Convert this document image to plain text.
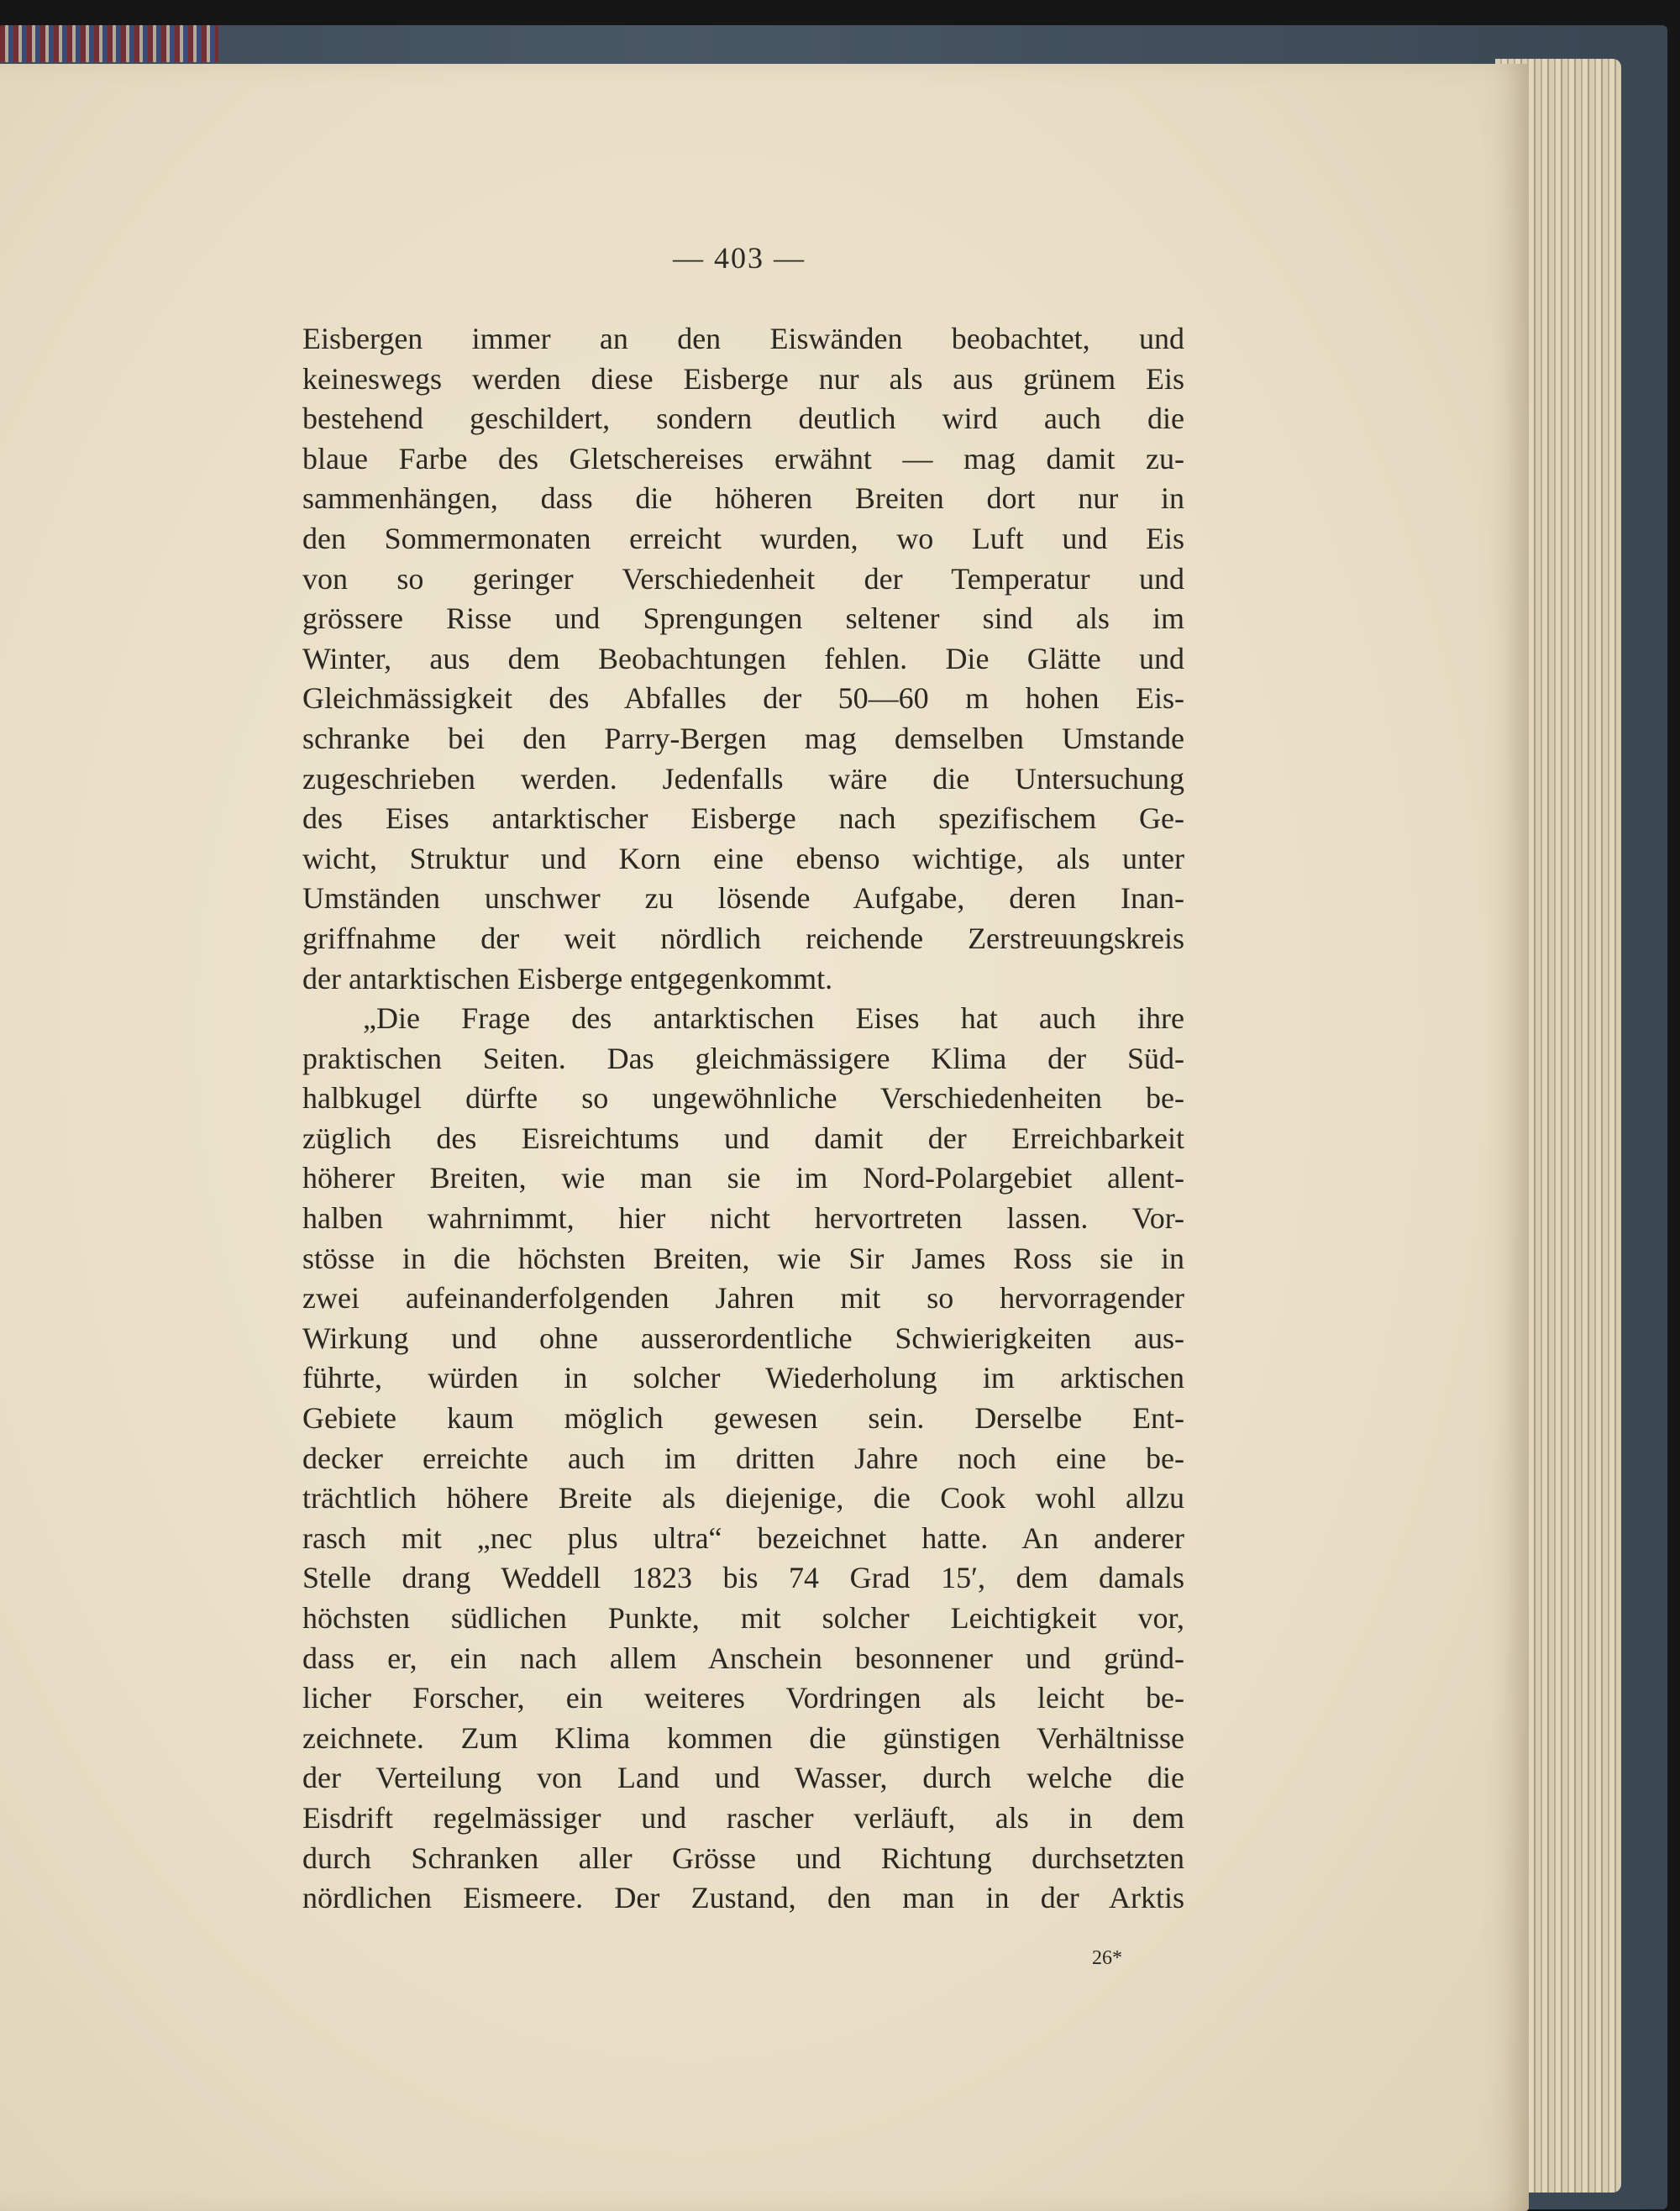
— 403 —
Eisbergen immer an den Eiswänden beobachtet, und
keineswegs werden diese Eisberge nur als aus grünem Eis
bestehend geschildert, sondern deutlich wird auch die
blaue Farbe des Gletschereises erwähnt — mag damit zu-
sammenhängen, dass die höheren Breiten dort nur in
den Sommermonaten erreicht wurden, wo Luft und Eis
von so geringer Verschiedenheit der Temperatur und
grössere Risse und Sprengungen seltener sind als im
Winter, aus dem Beobachtungen fehlen. Die Glätte und
Gleichmässigkeit des Abfalles der 50—60 m hohen Eis-
schranke bei den Parry-Bergen mag demselben Umstande
zugeschrieben werden. Jedenfalls wäre die Untersuchung
des Eises antarktischer Eisberge nach spezifischem Ge-
wicht, Struktur und Korn eine ebenso wichtige, als unter
Umständen unschwer zu lösende Aufgabe, deren Inan-
griffnahme der weit nördlich reichende Zerstreuungskreis
der antarktischen Eisberge entgegenkommt.
„Die Frage des antarktischen Eises hat auch ihre
praktischen Seiten. Das gleichmässigere Klima der Süd-
halbkugel dürfte so ungewöhnliche Verschiedenheiten be-
züglich des Eisreichtums und damit der Erreichbarkeit
höherer Breiten, wie man sie im Nord-Polargebiet allent-
halben wahrnimmt, hier nicht hervortreten lassen. Vor-
stösse in die höchsten Breiten, wie Sir James Ross sie in
zwei aufeinanderfolgenden Jahren mit so hervorragender
Wirkung und ohne ausserordentliche Schwierigkeiten aus-
führte, würden in solcher Wiederholung im arktischen
Gebiete kaum möglich gewesen sein. Derselbe Ent-
decker erreichte auch im dritten Jahre noch eine be-
trächtlich höhere Breite als diejenige, die Cook wohl allzu
rasch mit „nec plus ultra“ bezeichnet hatte. An anderer
Stelle drang Weddell 1823 bis 74 Grad 15′, dem damals
höchsten südlichen Punkte, mit solcher Leichtigkeit vor,
dass er, ein nach allem Anschein besonnener und gründ-
licher Forscher, ein weiteres Vordringen als leicht be-
zeichnete. Zum Klima kommen die günstigen Verhältnisse
der Verteilung von Land und Wasser, durch welche die
Eisdrift regelmässiger und rascher verläuft, als in dem
durch Schranken aller Grösse und Richtung durchsetzten
nördlichen Eismeere. Der Zustand, den man in der Arktis
26*
